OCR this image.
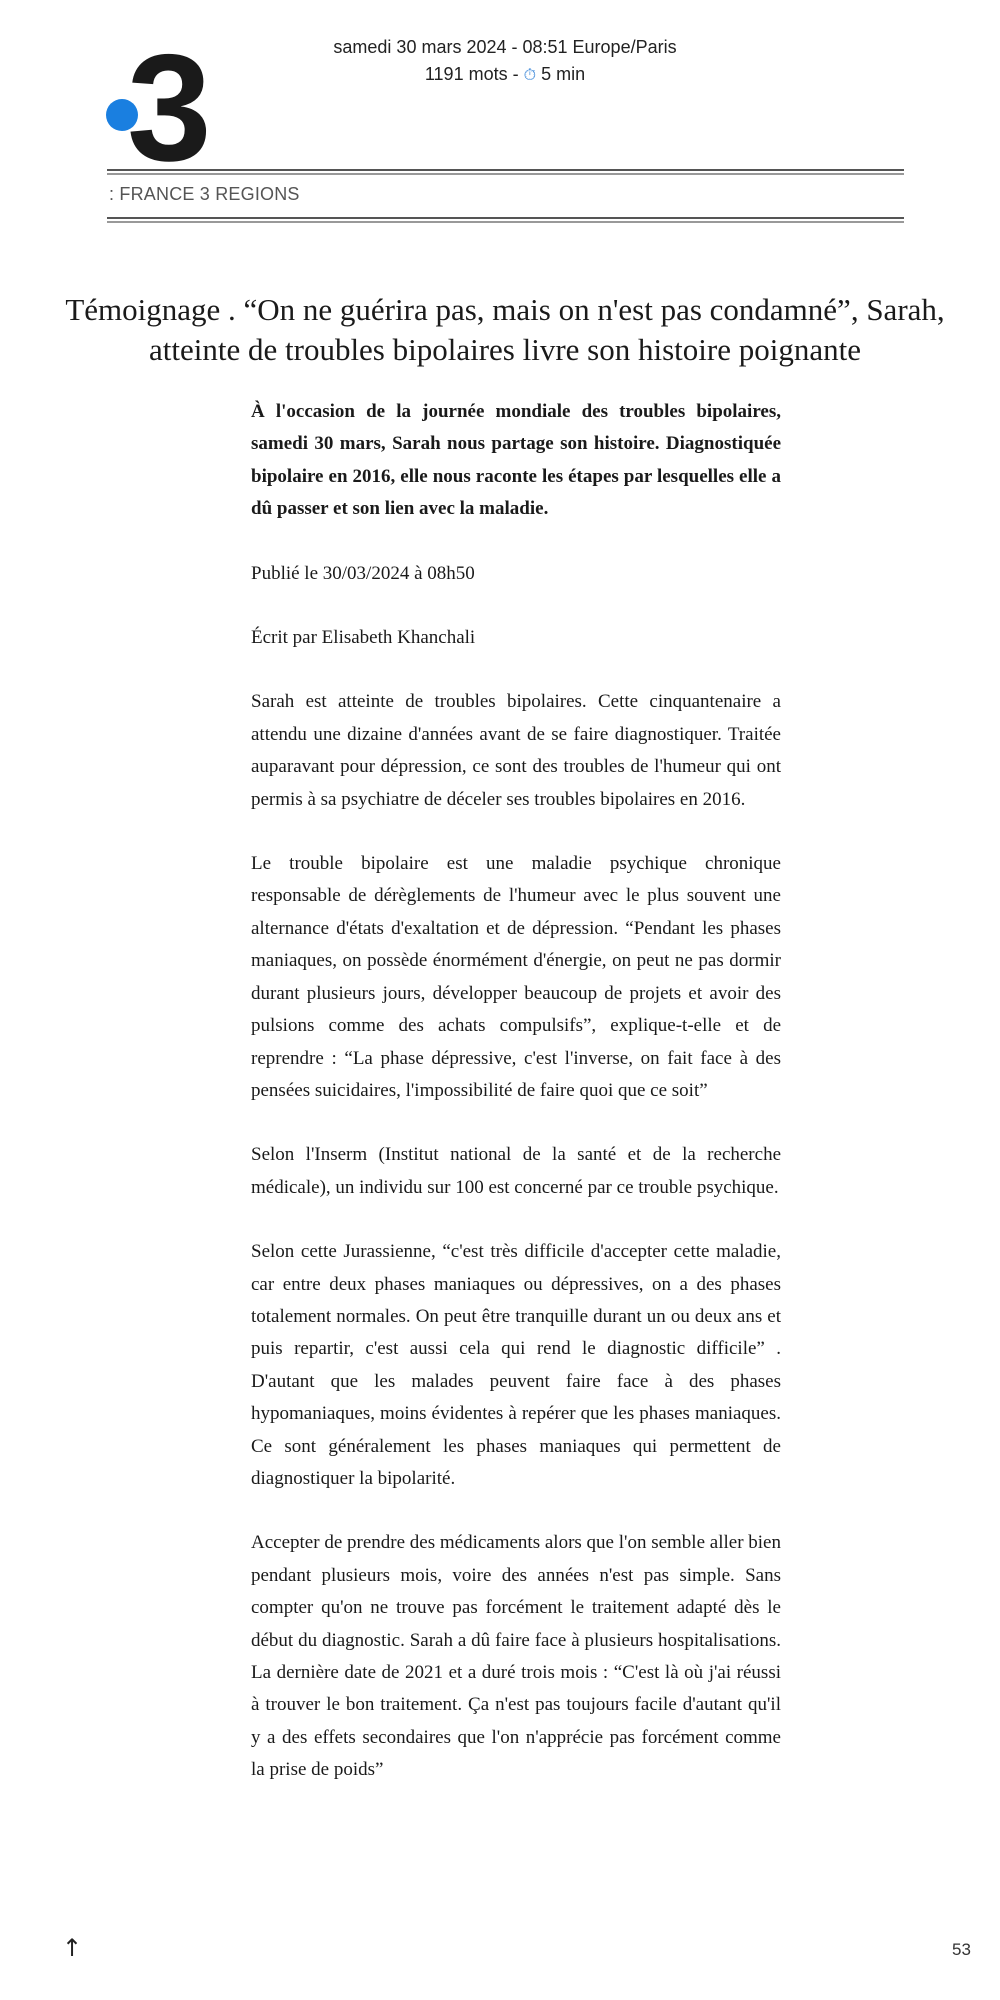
3	samedi 30 mars 2024 - 08:51 Europe/Paris
1191 mots - ⏱ 5 min
: FRANCE 3 REGIONS
Témoignage . “On ne guérira pas, mais on n'est pas condamné”, Sarah, atteinte de troubles bipolaires livre son histoire poignante

À l'occasion de la journée mondiale des troubles bipolaires, samedi 30 mars, Sarah nous partage son histoire. Diagnostiquée bipolaire en 2016, elle nous raconte les étapes par lesquelles elle a dû passer et son lien avec la maladie.

Publié le 30/03/2024 à 08h50

Écrit par Elisabeth Khanchali

Sarah est atteinte de troubles bipolaires. Cette cinquantenaire a attendu une dizaine d'années avant de se faire diagnostiquer. Traitée auparavant pour dépression, ce sont des troubles de l'humeur qui ont permis à sa psychiatre de déceler ses troubles bipolaires en 2016.

Le trouble bipolaire est une maladie psychique chronique responsable de dérèglements de l'humeur avec le plus souvent une alternance d'états d'exaltation et de dépression. “Pendant les phases maniaques, on possède énormément d'énergie, on peut ne pas dormir durant plusieurs jours, développer beaucoup de projets et avoir des pulsions comme des achats compulsifs”, explique-t-elle et de reprendre : “La phase dépressive, c'est l'inverse, on fait face à des pensées suicidaires, l'impossibilité de faire quoi que ce soit”

Selon l'Inserm (Institut national de la santé et de la recherche médicale), un individu sur 100 est concerné par ce trouble psychique.

Selon cette Jurassienne, “c'est très difficile d'accepter cette maladie, car entre deux phases maniaques ou dépressives, on a des phases totalement normales. On peut être tranquille durant un ou deux ans et puis repartir, c'est aussi cela qui rend le diagnostic difficile” . D'autant que les malades peuvent faire face à des phases hypomaniaques, moins évidentes à repérer que les phases maniaques. Ce sont généralement les phases maniaques qui permettent de diagnostiquer la bipolarité.

Accepter de prendre des médicaments alors que l'on semble aller bien pendant plusieurs mois, voire des années n'est pas simple. Sans compter qu'on ne trouve pas forcément le traitement adapté dès le début du diagnostic. Sarah a dû faire face à plusieurs hospitalisations. La dernière date de 2021 et a duré trois mois : “C'est là où j'ai réussi à trouver le bon traitement. Ça n'est pas toujours facile d'autant qu'il y a des effets secondaires que l'on n'apprécie pas forcément comme la prise de poids”

↑	53
